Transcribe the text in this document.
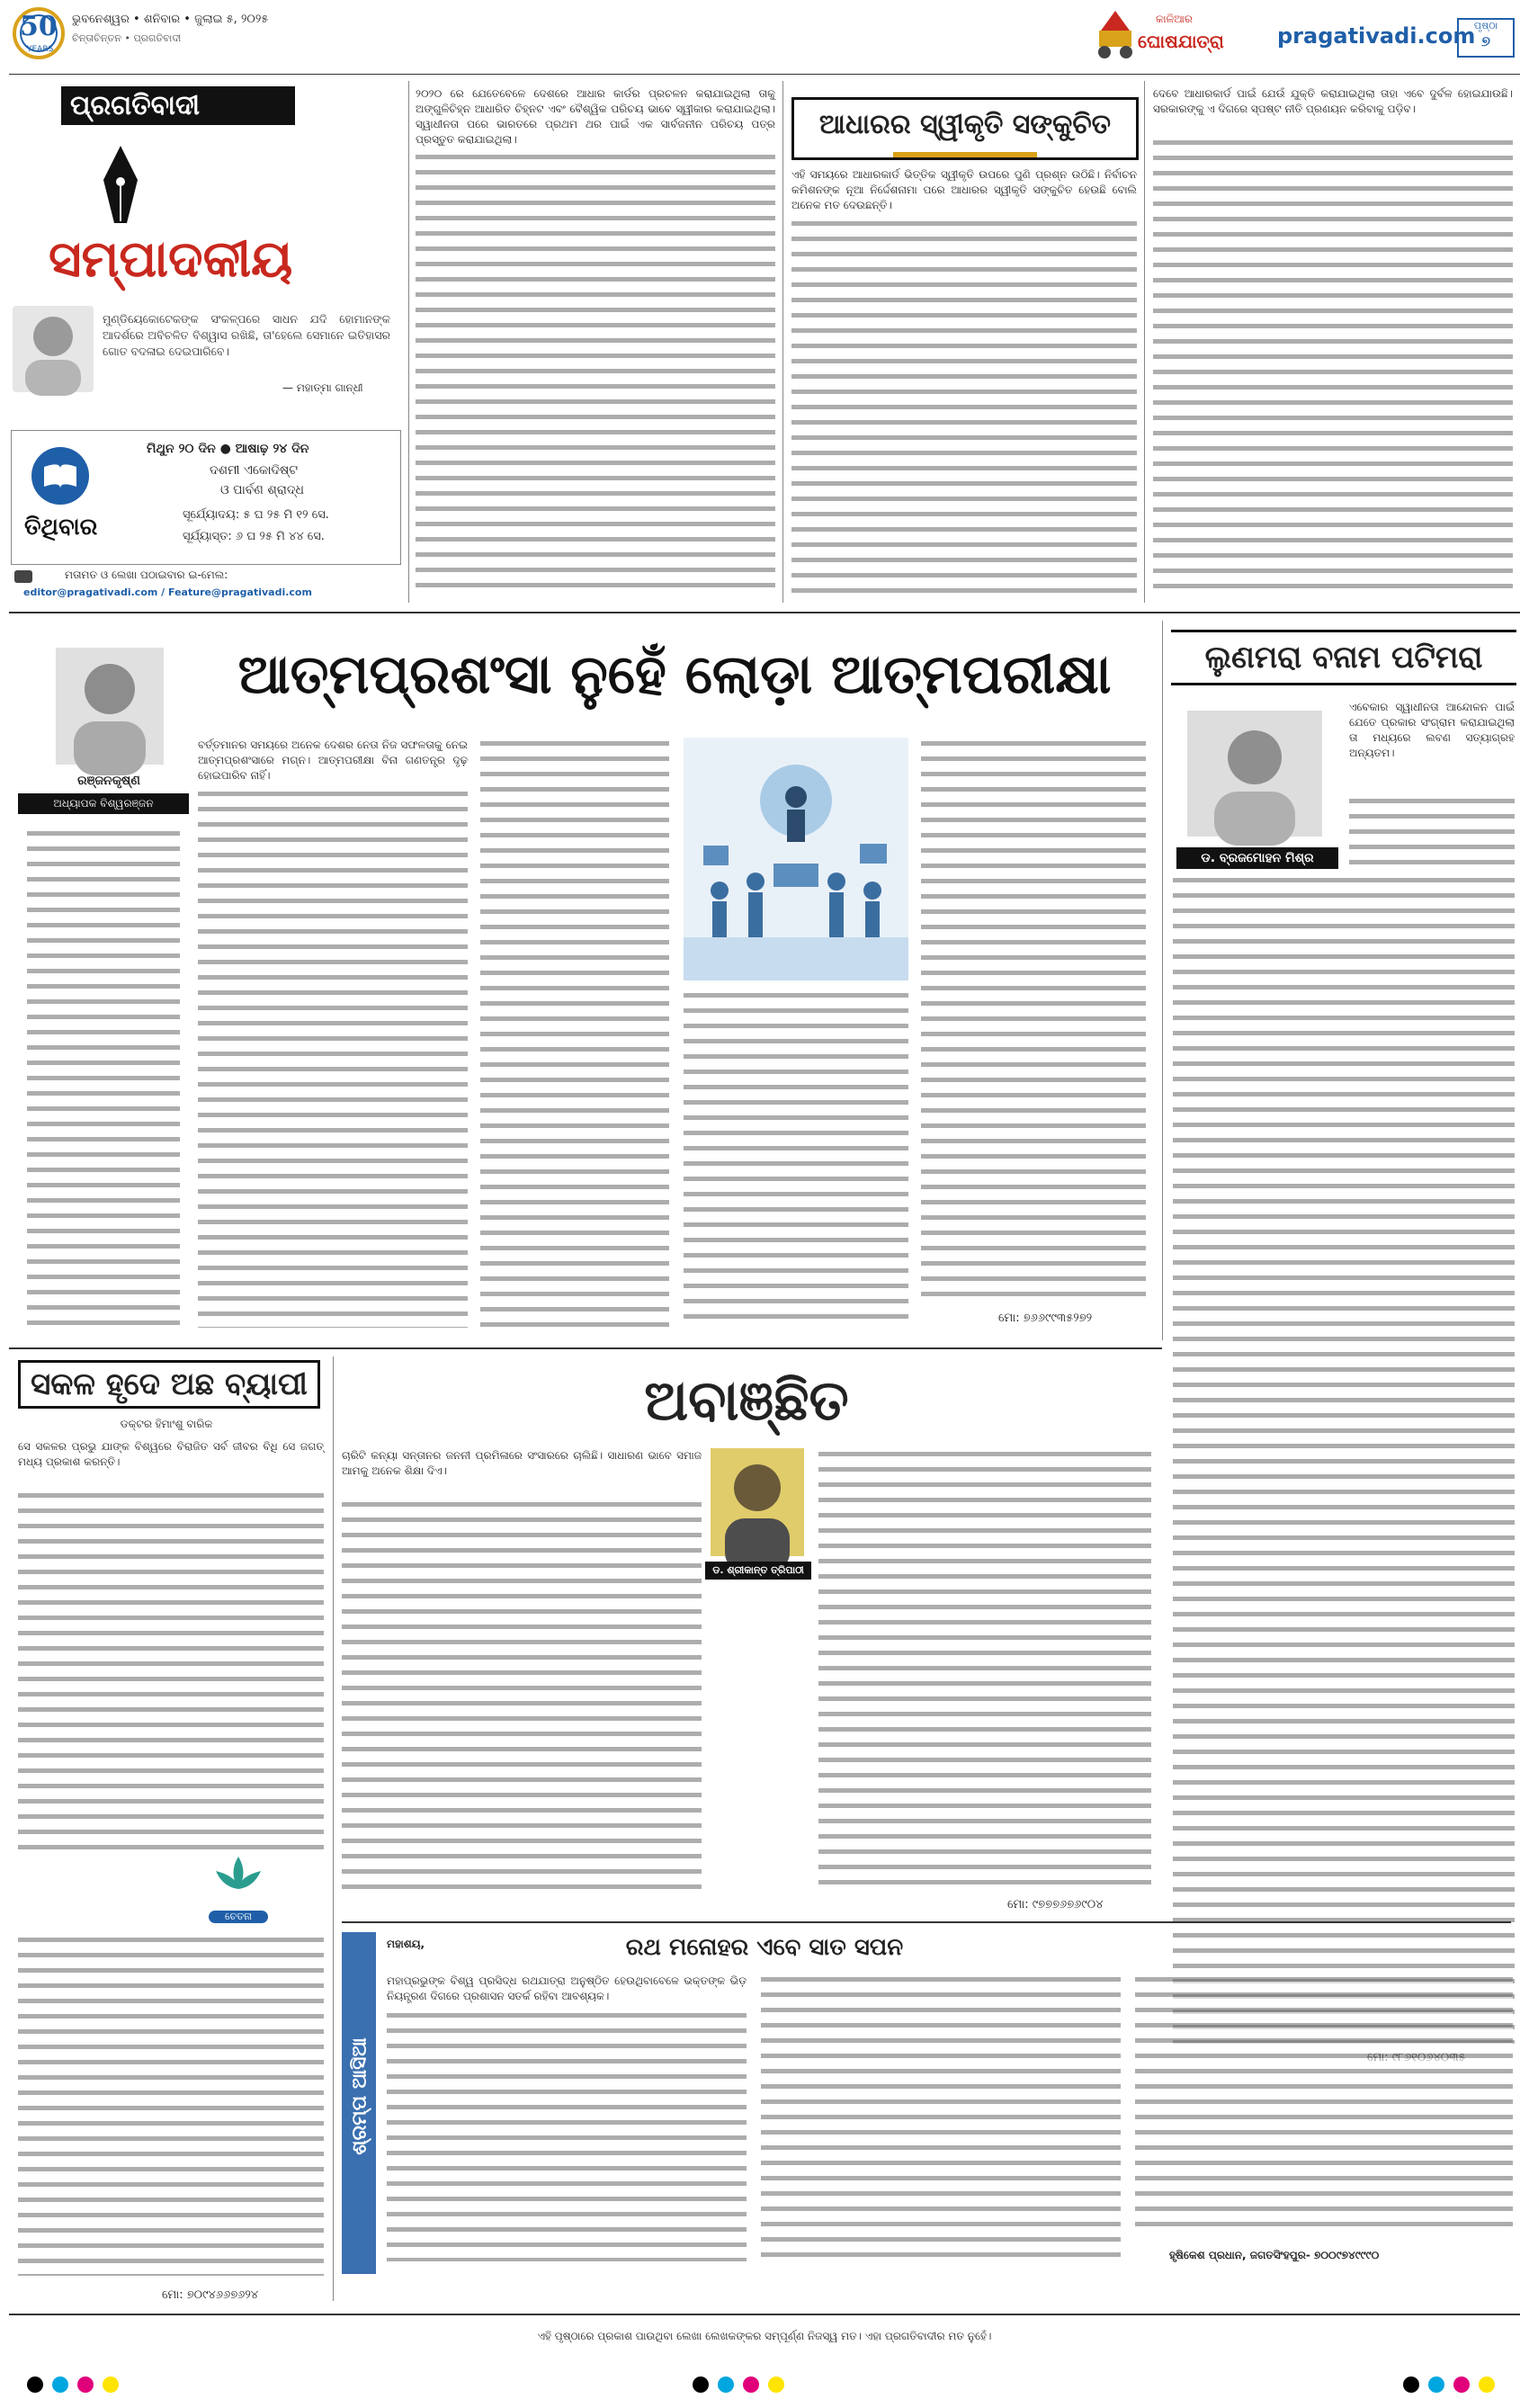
50
YEARS
ଭୁବନେଶ୍ୱର • ଶନିବାର • ଜୁଲାଇ ୫, ୨୦୨୫
ଚିନ୍ତାଚିନ୍ତନ • ପ୍ରଗତିବାଦୀ
କାଳିଆର
ଘୋଷଯାତ୍ରା pragativadi.com
ପୃଷ୍ଠା
୭
ପ୍ରଗତିବାଦୀ
ସମ୍ପାଦକୀୟ
ମୁଣ୍ଡିୟେକୋଟେକଙ୍କ ସଂକଳ୍ପରେ ସାଧନ ଯଦି ହୋମାନଙ୍କ ଆଦର୍ଶରେ ଅବିଚଳିତ ବିଶ୍ୱାସ ରଖିଛି, ତା'ହେଲେ ସେମାନେ ଇତିହାସର ଗୋତ ବଦଳାଇ ଦେଇପାରିବେ।
— ମହାତ୍ମା ଗାନ୍ଧୀ
ତିଥିବାର
ମିଥୁନ ୨୦ ଦିନ ● ଆଷାଢ଼ ୨୪ ଦିନ
ଦଶମୀ ଏକୋଦିଷ୍ଟ
ଓ ପାର୍ବଣ ଶ୍ରାଦ୍ଧ
ସୂର୍ଯ୍ୟୋଦୟ: ୫ ଘ ୨୫ ମି ୧୨ ସେ.
ସୂର୍ଯ୍ୟାସ୍ତ: ୬ ଘ ୨୫ ମି ୪୪ ସେ.
ମତାମତ ଓ ଲେଖା ପଠାଇବାର ଇ-ମେଲ:
editor@pragativadi.com / Feature@pragativadi.com
୨୦୨୦ ରେ ଯେତେବେଳେ ଦେଶରେ ଆଧାର କାର୍ଡର ପ୍ରଚଳନ କରାଯାଇଥିଲା ତାକୁ ଅଙ୍ଗୁଳିଚିହ୍ନ ଆଧାରିତ ଚିହ୍ନଟ ଏବଂ ବୈଶ୍ୱିକ ପରିଚୟ ଭାବେ ସ୍ୱୀକାର କରାଯାଇଥିଲା। ସ୍ୱାଧୀନତା ପରେ ଭାରତରେ ପ୍ରଥମ ଥର ପାଇଁ ଏକ ସାର୍ବଜନୀନ ପରିଚୟ ପତ୍ର ପ୍ରସ୍ତୁତ କରାଯାଇଥିଲା।	ଆଧାରର ସ୍ୱୀକୃତି ସଙ୍କୁଚିତ
ଏହି ସମୟରେ ଆଧାରକାର୍ଡ ଭିତ୍ତିକ ସ୍ୱୀକୃତି ଉପରେ ପୁଣି ପ୍ରଶ୍ନ ଉଠିଛି। ନିର୍ବାଚନ କମିଶନଙ୍କ ନୂଆ ନିର୍ଦ୍ଦେଶନାମା ପରେ ଆଧାରର ସ୍ୱୀକୃତି ସଙ୍କୁଚିତ ହେଉଛି ବୋଲି ଅନେକ ମତ ଦେଉଛନ୍ତି।
ଦେବେ ଆଧାରକାର୍ଡ ପାଇଁ ଯେଉଁ ଯୁକ୍ତି କରାଯାଇଥିଲା ତାହା ଏବେ ଦୁର୍ବଳ ହୋଇଯାଉଛି। ସରକାରଙ୍କୁ ଏ ଦିଗରେ ସ୍ପଷ୍ଟ ନୀତି ପ୍ରଣୟନ କରିବାକୁ ପଡ଼ିବ।
ରଞ୍ଜନକୃଷ୍ଣ
ଅଧ୍ୟାପକ ବିଶ୍ୱରଞ୍ଜନ
ଆତ୍ମପ୍ରଶଂସା ନୁହେଁ ଲୋଡ଼ା ଆତ୍ମପରୀକ୍ଷା
ବର୍ତ୍ତମାନର ସମୟରେ ଅନେକ ଦେଶର ନେତା ନିଜ ସଫଳତାକୁ ନେଇ ଆତ୍ମପ୍ରଶଂସାରେ ମଗ୍ନ। ଆତ୍ମପରୀକ୍ଷା ବିନା ଗଣତନ୍ତ୍ର ଦୃଢ଼ ହୋଇପାରିବ ନାହିଁ।
ମୋ: ୭୬୬୯୯୩୫୨୭୨
ଲୁଣମରା ବନାମ ପଟିମରା
ଏବେକାର ସ୍ୱାଧୀନତା ଆନ୍ଦୋଳନ ପାଇଁ ଯେତେ ପ୍ରକାର ସଂଗ୍ରାମ କରାଯାଇଥିଲା ତା ମଧ୍ୟରେ ଲବଣ ସତ୍ୟାଗ୍ରହ ଅନ୍ୟତମ।
ଡ. ବ୍ରଜମୋହନ ମିଶ୍ର
ସକଳ ହୃଦେ ଅଛ ବ୍ୟାପୀ
ଡକ୍ଟର ହିମାଂଶୁ ବାରିକ
ସେ ସକଳର ପ୍ରଭୁ ଯାଙ୍କ ବିଶ୍ୱରେ ବିରାଜିତ ସର୍ବ ଜୀବର ବିଧି ସେ ଜଗତ୍‌ ମଧ୍ୟ ପ୍ରକାଶ କରନ୍ତି।
ଚେତନା
ମୋ: ୭୦୯୪୬୬୭୬୨୪
ଅବାଞ୍ଛିତ
ଚାରିଟି କନ୍ୟା ସନ୍ତାନର ଜନନୀ ପ୍ରମିଳାରେ ସଂସାରରେ ଚାଲିଛି। ସାଧାରଣ ଭାବେ ସମାଜ ଆମକୁ ଅନେକ ଶିକ୍ଷା ଦିଏ।
ଡ. ଶ୍ରୀକାନ୍ତ ତ୍ରିପାଠୀ
ମୋ: ୯୭୭୭୬୭୬୯୦୪
ଶ୍ରମ୍ପ ଆସିଆ
ମହାଶୟ,	ରଥ ମନୋହର ଏବେ ସାତ ସପନ
ମହାପ୍ରଭୁଙ୍କ ବିଶ୍ୱ ପ୍ରସିଦ୍ଧ ରଥଯାତ୍ରା ଅନୁଷ୍ଠିତ ହେଉଥିବାବେଳେ ଭକ୍ତଙ୍କ ଭିଡ଼ ନିୟନ୍ତ୍ରଣ ଦିଗରେ ପ୍ରଶାସନ ସତର୍କ ରହିବା ଆବଶ୍ୟକ।
ହୃଷିକେଶ ପ୍ରଧାନ, ଜଗତସିଂହପୁର- ୭୦୦୯୭୪୯୯୯୦
ଏହି ପୃଷ୍ଠାରେ ପ୍ରକାଶ ପାଉଥିବା ଲେଖା ଲେଖକଙ୍କର ସମ୍ପୂର୍ଣ୍ଣ ନିଜସ୍ୱ ମତ। ଏହା ପ୍ରଗତିବାଦୀର ମତ ନୁହେଁ।
